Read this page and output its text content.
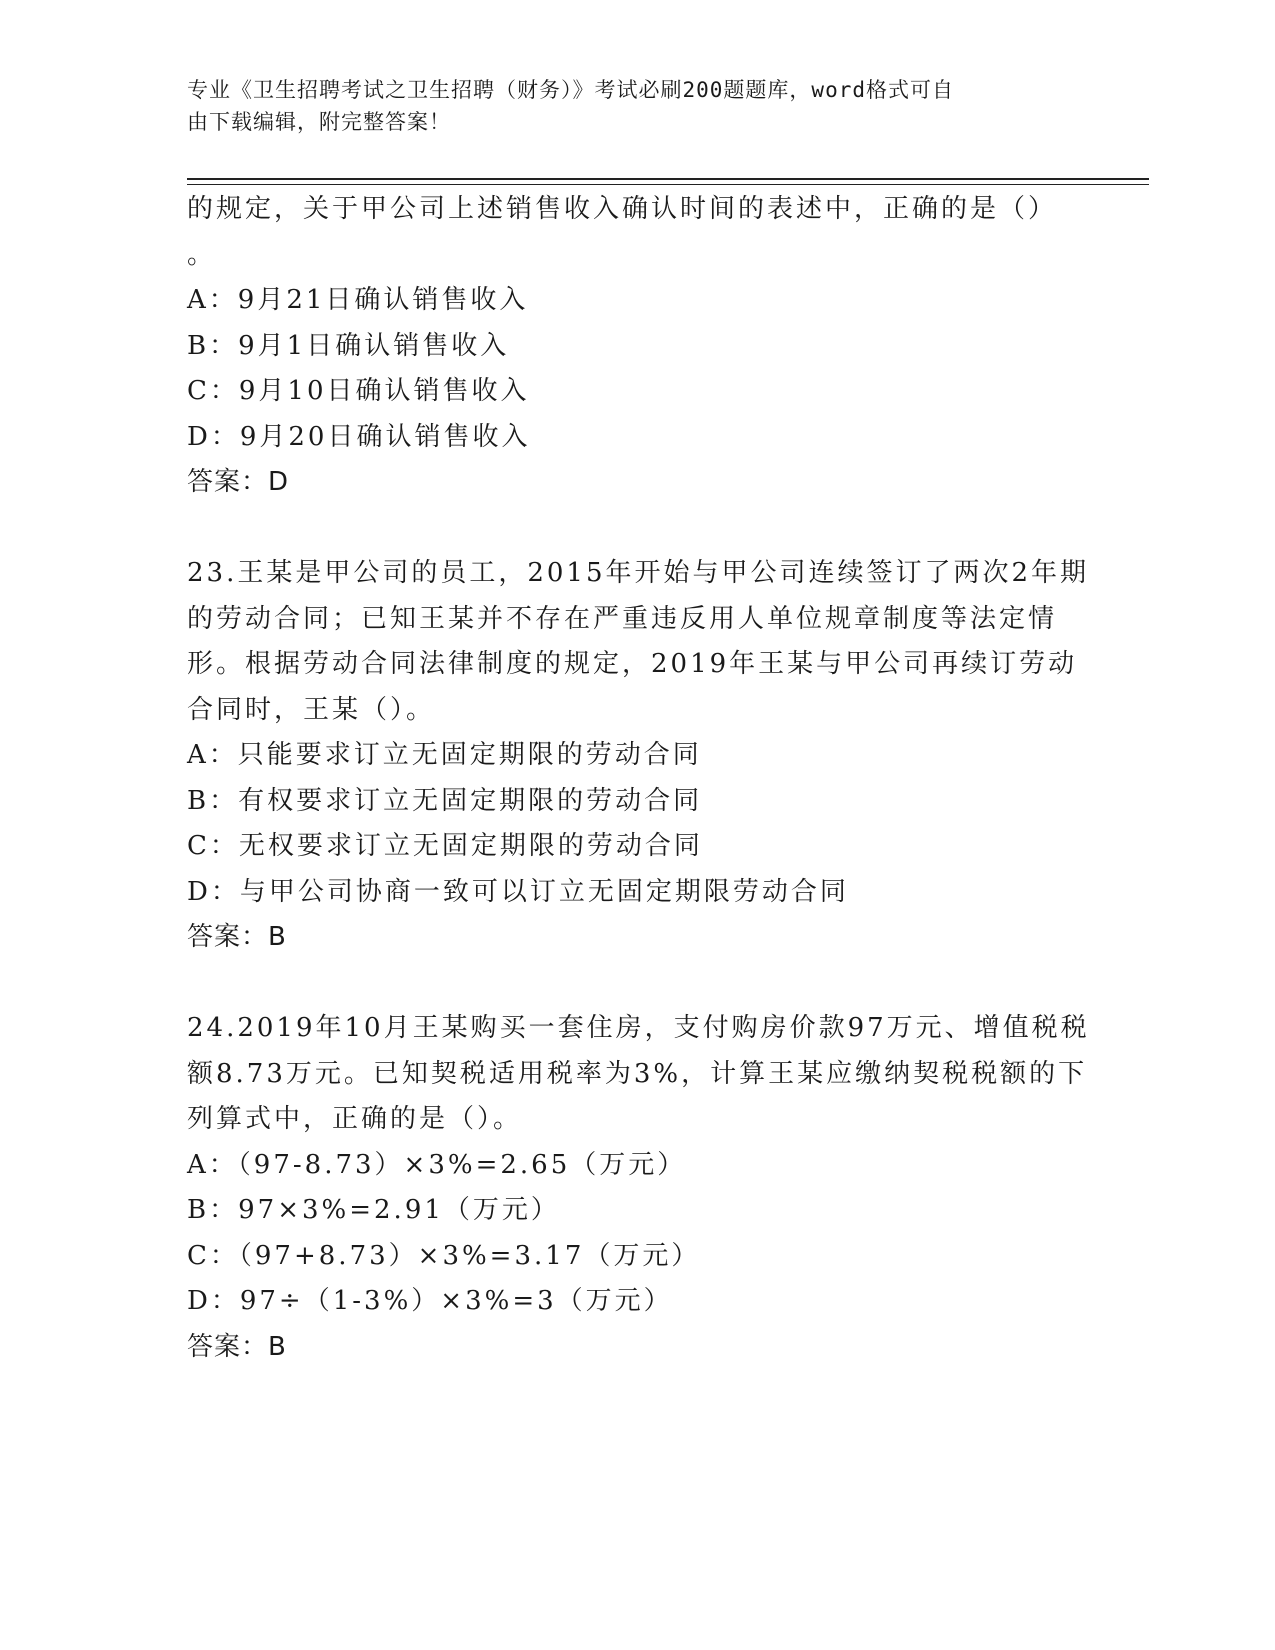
专业《卫生招聘考试之卫生招聘（财务）》考试必刷200题题库，word格式可自
由下载编辑，附完整答案！
的规定，关于甲公司上述销售收入确认时间的表述中，正确的是（）
。
A：9月21日确认销售收入
B：9月1日确认销售收入
C：9月10日确认销售收入
D：9月20日确认销售收入
答案：D
23.王某是甲公司的员工，2015年开始与甲公司连续签订了两次2年期
的劳动合同；已知王某并不存在严重违反用人单位规章制度等法定情
形。根据劳动合同法律制度的规定，2019年王某与甲公司再续订劳动
合同时，王某（）。
A：只能要求订立无固定期限的劳动合同
B：有权要求订立无固定期限的劳动合同
C：无权要求订立无固定期限的劳动合同
D：与甲公司协商一致可以订立无固定期限劳动合同
答案：B
24.2019年10月王某购买一套住房，支付购房价款97万元、增值税税
额8.73万元。已知契税适用税率为3%，计算王某应缴纳契税税额的下
列算式中，正确的是（）。
A：（97-8.73）×3%=2.65（万元）
B：97×3%=2.91（万元）
C：（97+8.73）×3%=3.17（万元）
D：97÷（1-3%）×3%=3（万元）
答案：B
